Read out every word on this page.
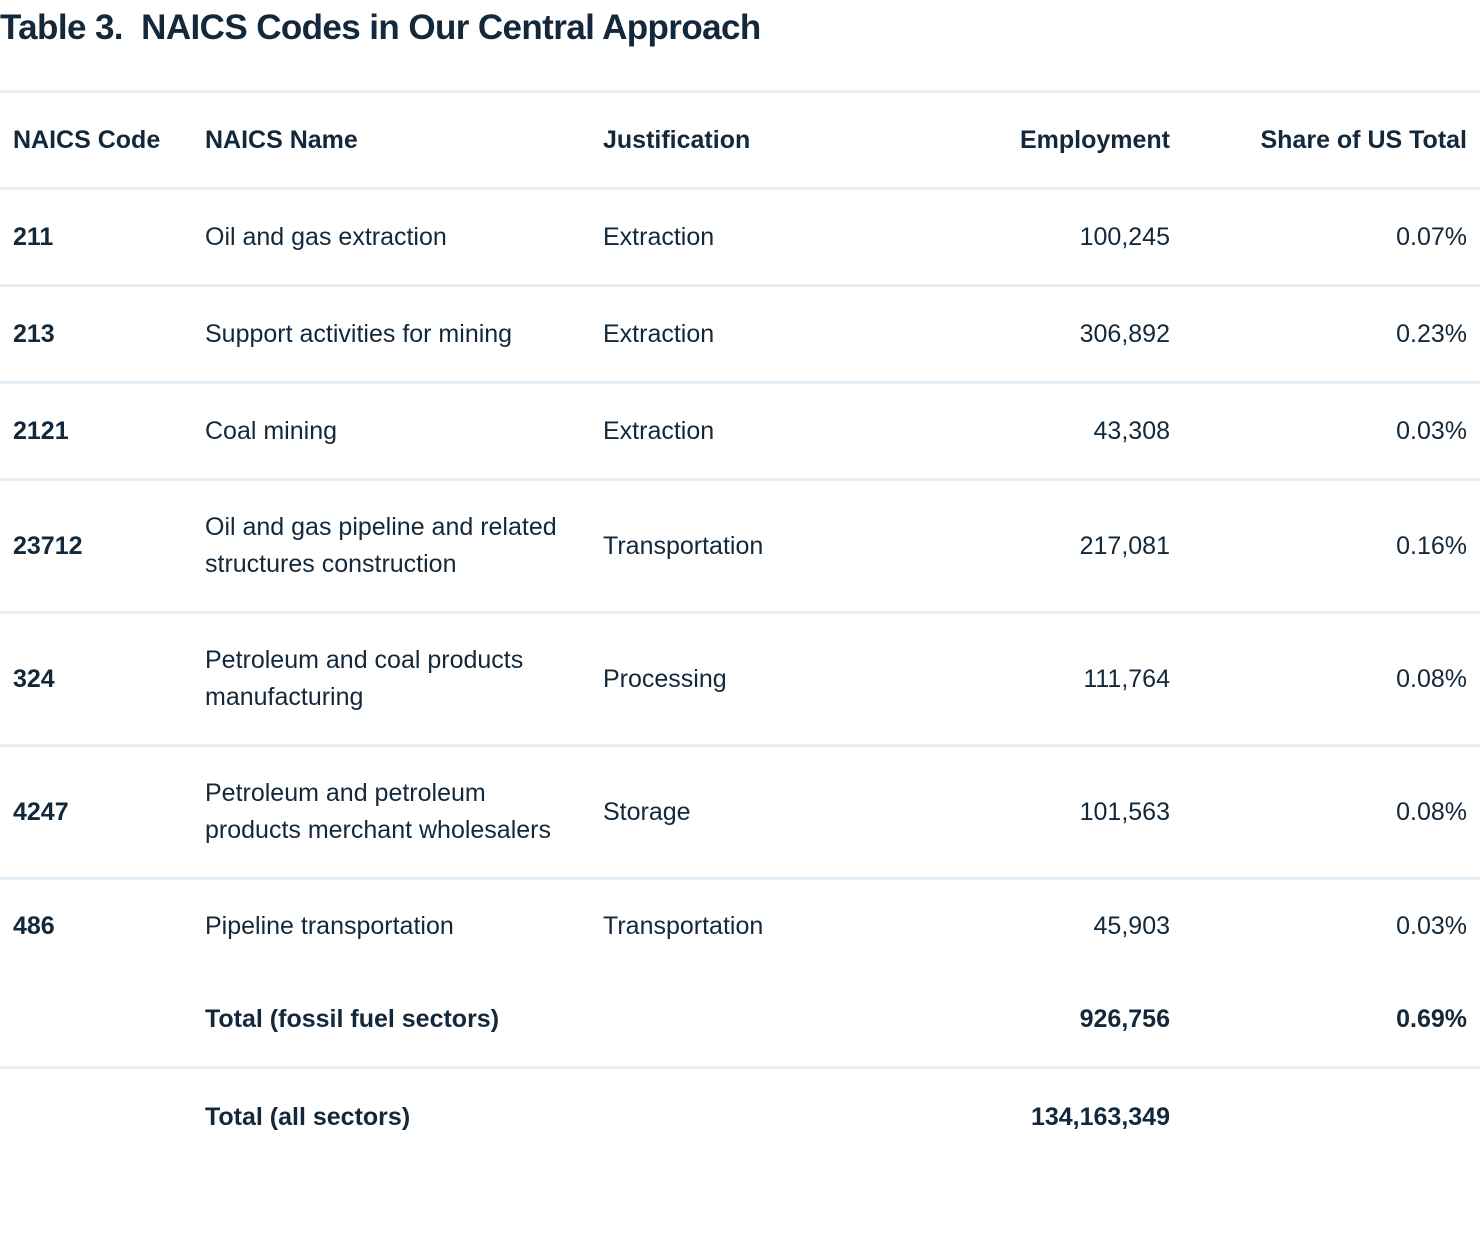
Table 3.  NAICS Codes in Our Central Approach
NAICS Code	NAICS Name	Justification	Employment	Share of US Total
211	Oil and gas extraction	Extraction	100,245	0.07%
213	Support activities for mining	Extraction	306,892	0.23%
2121	Coal mining	Extraction	43,308	0.03%
23712	Oil and gas pipeline and related structures construction	Transportation	217,081	0.16%
324	Petroleum and coal products manufacturing	Processing	111,764	0.08%
4247	Petroleum and petroleum products merchant wholesalers	Storage	101,563	0.08%
486	Pipeline transportation	Transportation	45,903	0.03%
	Total (fossil fuel sectors)		926,756	0.69%
	Total (all sectors)		134,163,349	
